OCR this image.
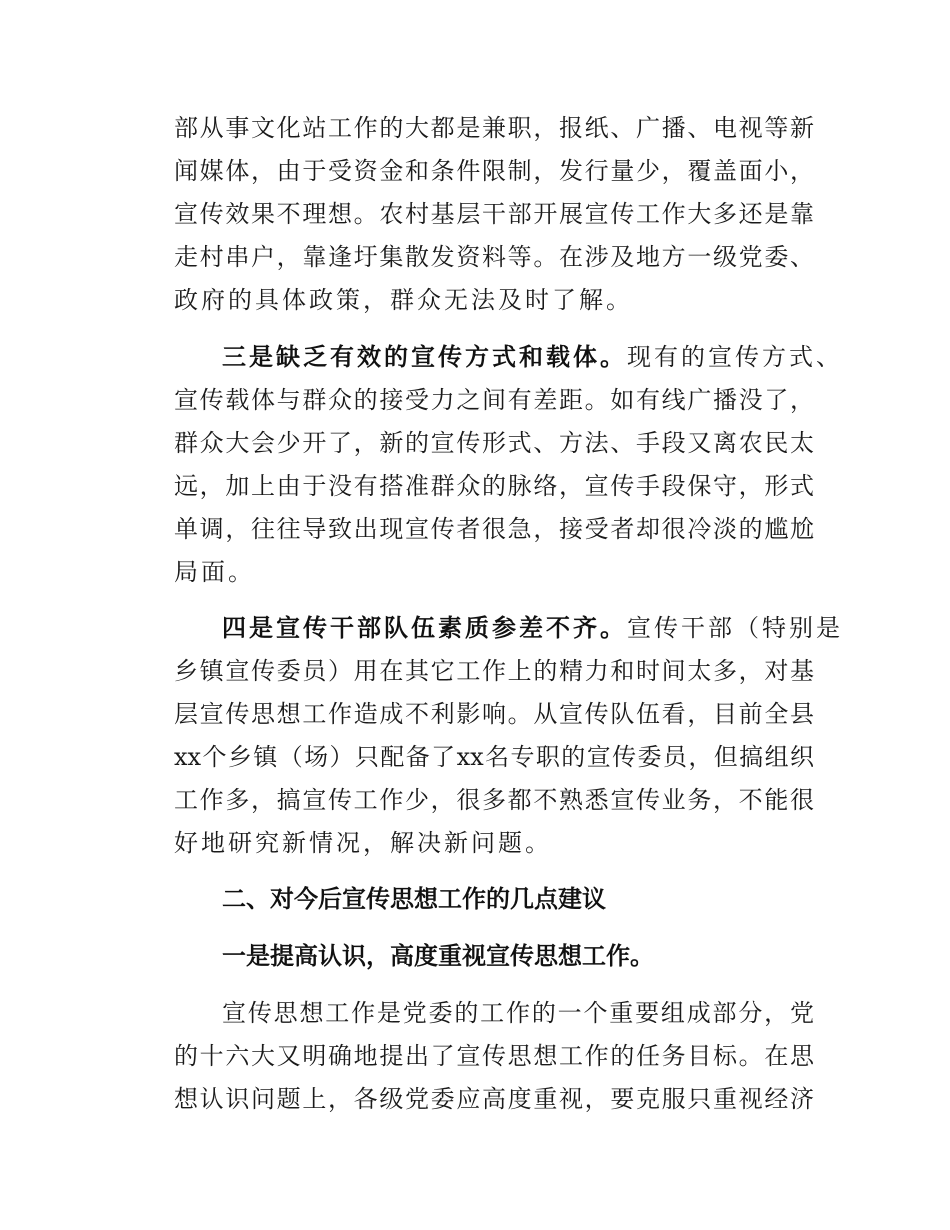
部从事文化站工作的大都是兼职，报纸、广播、电视等新
闻媒体，由于受资金和条件限制，发行量少，覆盖面小，
宣传效果不理想。农村基层干部开展宣传工作大多还是靠
走村串户，靠逢圩集散发资料等。在涉及地方一级党委、
政府的具体政策，群众无法及时了解。
三是缺乏有效的宣传方式和载体。现有的宣传方式、
宣传载体与群众的接受力之间有差距。如有线广播没了，
群众大会少开了，新的宣传形式、方法、手段又离农民太
远，加上由于没有搭准群众的脉络，宣传手段保守，形式
单调，往往导致出现宣传者很急，接受者却很冷淡的尴尬
局面。
四是宣传干部队伍素质参差不齐。宣传干部（特别是
乡镇宣传委员）用在其它工作上的精力和时间太多，对基
层宣传思想工作造成不利影响。从宣传队伍看，目前全县
xx个乡镇（场）只配备了xx名专职的宣传委员，但搞组织
工作多，搞宣传工作少，很多都不熟悉宣传业务，不能很
好地研究新情况，解决新问题。
二、对今后宣传思想工作的几点建议
一是提高认识，高度重视宣传思想工作。
宣传思想工作是党委的工作的一个重要组成部分，党
的十六大又明确地提出了宣传思想工作的任务目标。在思
想认识问题上，各级党委应高度重视，要克服只重视经济
